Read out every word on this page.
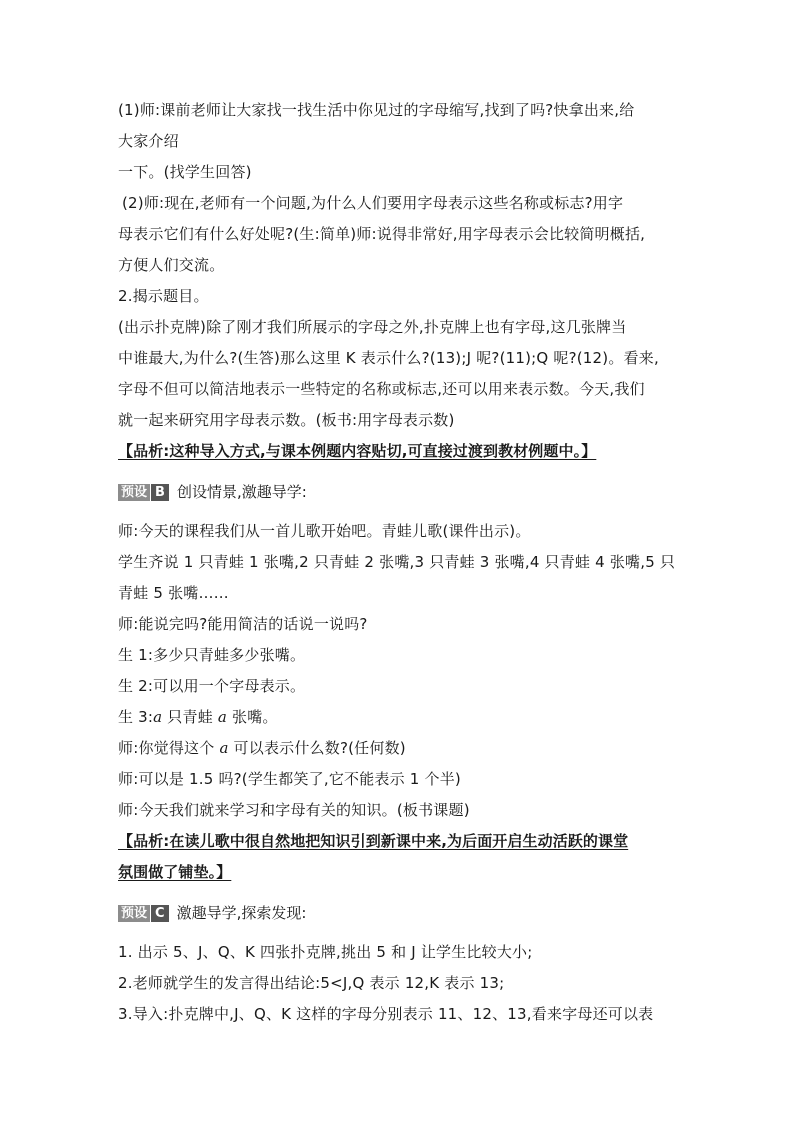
(1)师:课前老师让大家找一找生活中你见过的字母缩写,找到了吗?快拿出来,给
大家介绍
一下。(找学生回答)
(2)师:现在,老师有一个问题,为什么人们要用字母表示这些名称或标志?用字
母表示它们有什么好处呢?(生:简单)师:说得非常好,用字母表示会比较简明概括,
方便人们交流。
2.揭示题目。
(出示扑克牌)除了刚才我们所展示的字母之外,扑克牌上也有字母,这几张牌当
中谁最大,为什么?(生答)那么这里 K 表示什么?(13);J 呢?(11);Q 呢?(12)。看来,
字母不但可以简洁地表示一些特定的名称或标志,还可以用来表示数。今天,我们
就一起来研究用字母表示数。(板书:用字母表示数)
【品析:这种导入方式,与课本例题内容贴切,可直接过渡到教材例题中。】
预设 B 创设情景,激趣导学:
师:今天的课程我们从一首儿歌开始吧。青蛙儿歌(课件出示)。
学生齐说 1 只青蛙 1 张嘴,2 只青蛙 2 张嘴,3 只青蛙 3 张嘴,4 只青蛙 4 张嘴,5 只
青蛙 5 张嘴……
师:能说完吗?能用简洁的话说一说吗?
生 1:多少只青蛙多少张嘴。
生 2:可以用一个字母表示。
生 3:a 只青蛙 a 张嘴。
师:你觉得这个 a 可以表示什么数?(任何数)
师:可以是 1.5 吗?(学生都笑了,它不能表示 1 个半)
师:今天我们就来学习和字母有关的知识。(板书课题)
【品析:在读儿歌中很自然地把知识引到新课中来,为后面开启生动活跃的课堂
氛围做了铺垫。】
预设 C 激趣导学,探索发现:
1. 出示 5、J、Q、K 四张扑克牌,挑出 5 和 J 让学生比较大小;
2.老师就学生的发言得出结论:5<J,Q 表示 12,K 表示 13;
3.导入:扑克牌中,J、Q、K 这样的字母分别表示 11、12、13,看来字母还可以表
